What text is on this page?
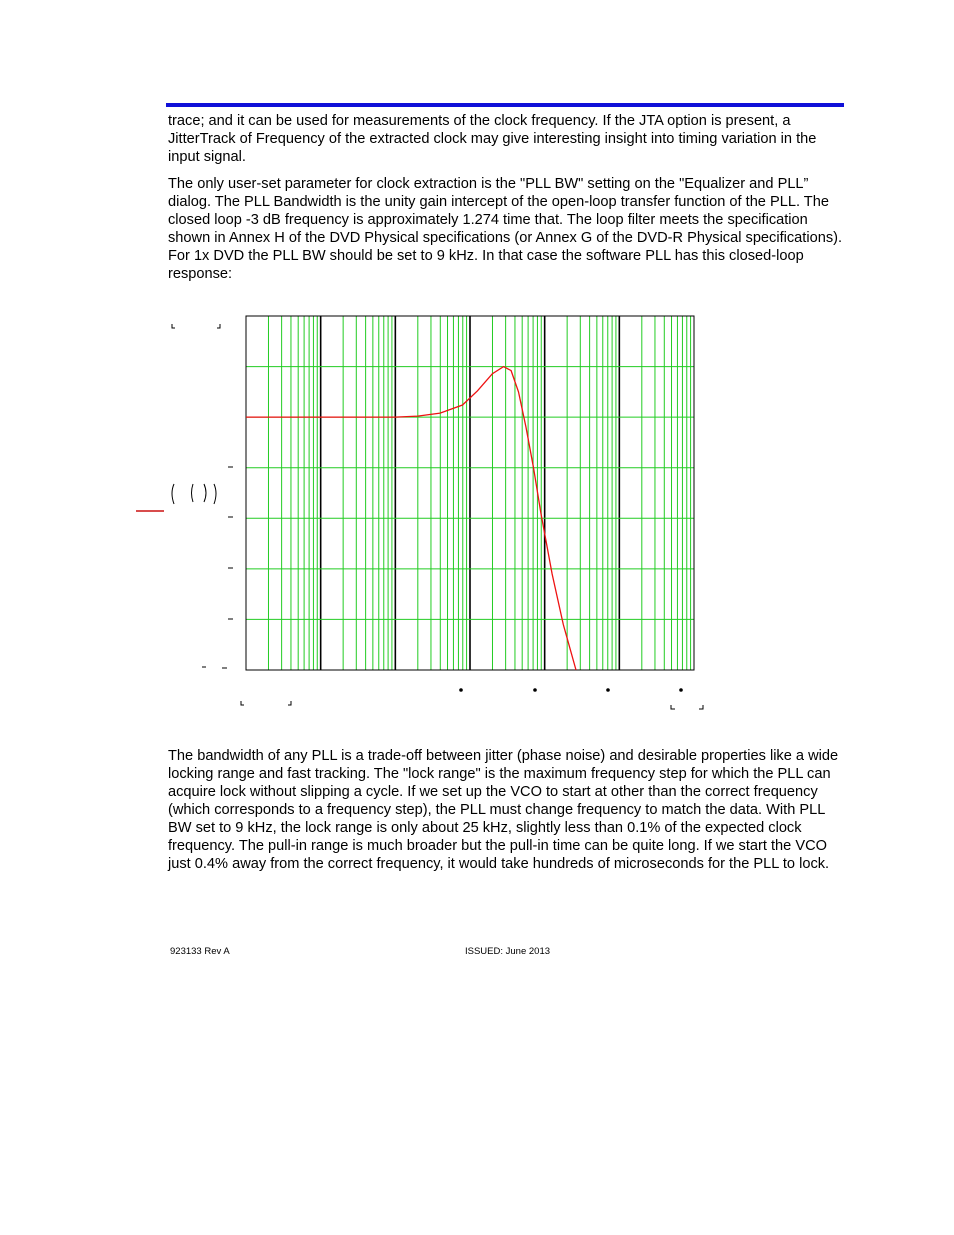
trace; and it can be used for measurements of the clock frequency. If the JTA option is present, a JitterTrack of Frequency of the extracted clock may give interesting insight into timing variation in the input signal.

The only user-set parameter for clock extraction is the "PLL BW" setting on the "Equalizer and PLL” dialog. The PLL Bandwidth is the unity gain intercept of the open-loop transfer function of the PLL. The closed loop -3 dB frequency is approximately 1.274 time that. The loop filter meets the specification shown in Annex H of the DVD Physical specifications (or Annex G of the DVD-R Physical specifications). For 1x DVD the PLL BW should be set to 9 kHz. In that case the software PLL has this closed-loop response:

The bandwidth of any PLL is a trade-off between jitter (phase noise) and desirable properties like a wide locking range and fast tracking. The "lock range" is the maximum frequency step for which the PLL can acquire lock without slipping a cycle. If we set up the VCO to start at other than the correct frequency (which corresponds to a frequency step), the PLL must change frequency to match the data. With PLL BW set to 9 kHz, the lock range is only about 25 kHz, slightly less than 0.1% of the expected clock frequency. The pull-in range is much broader but the pull-in time can be quite long. If we start the VCO just 0.4% away from the correct frequency, it would take hundreds of microseconds for the PLL to lock.

923133 Rev A	ISSUED: June 2013
